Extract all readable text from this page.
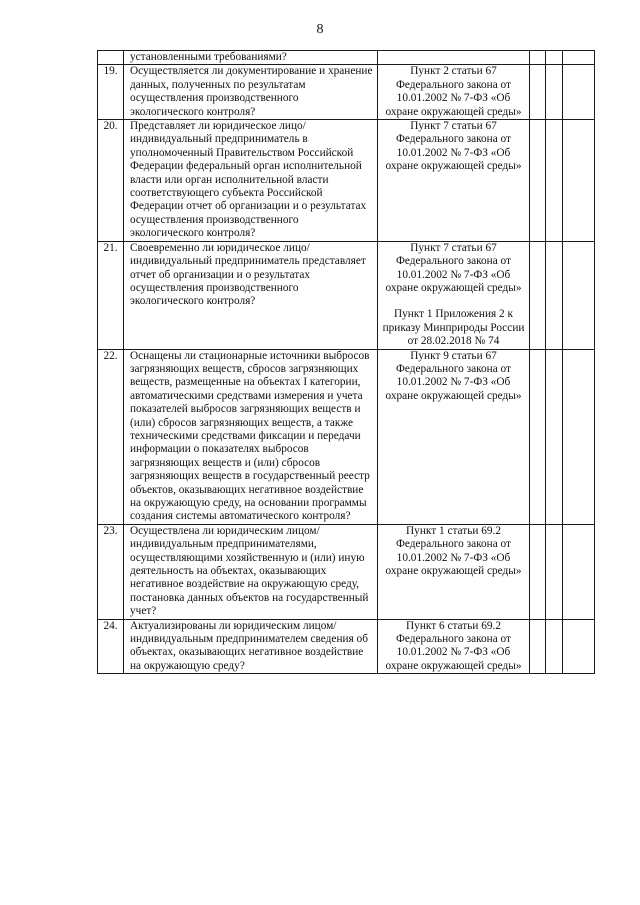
8
	установленными требованиями?				
19.	Осуществляется ли документирование и хранение данных, полученных по результатам осуществления производственного экологического контроля?	Пункт 2 статьи 67 Федерального закона от 10.01.2002 № 7-ФЗ «Об охране окружающей среды»			

20.	Представляет ли юридическое лицо/ индивидуальный предприниматель в уполномоченный Правительством Российской Федерации федеральный орган исполнительной власти или орган исполнительной власти соответствующего субъекта Российской Федерации отчет об организации и о результатах осуществления производственного экологического контроля?	Пункт 7 статьи 67 Федерального закона от 10.01.2002 № 7-ФЗ «Об охране окружающей среды»			

21.	Своевременно ли юридическое лицо/ индивидуальный предприниматель представляет отчет об организации и о результатах осуществления производственного экологического контроля?	Пункт 7 статьи 67 Федерального закона от 10.01.2002 № 7-ФЗ «Об охране окружающей среды»
Пункт 1 Приложения 2 к приказу Минприроды России от 28.02.2018 № 74			

22.	Оснащены ли стационарные источники выбросов загрязняющих веществ, сбросов загрязняющих веществ, размещенные на объектах I категории, автоматическими средствами измерения и учета показателей выбросов загрязняющих веществ и (или) сбросов загрязняющих веществ, а также техническими средствами фиксации и передачи информации о показателях выбросов загрязняющих веществ и (или) сбросов загрязняющих веществ в государственный реестр объектов, оказывающих негативное воздействие на окружающую среду, на основании программы создания системы автоматического контроля?	Пункт 9 статьи 67 Федерального закона от 10.01.2002 № 7-ФЗ «Об охране окружающей среды»			

23.	Осуществлена ли юридическим лицом/ индивидуальным предпринимателями, осуществляющими хозяйственную и (или) иную деятельность на объектах, оказывающих негативное воздействие на окружающую среду, постановка данных объектов на государственный учет?	Пункт 1 статьи 69.2 Федерального закона от 10.01.2002 № 7-ФЗ «Об охране окружающей среды»			

24.	Актуализированы ли юридическим лицом/индивидуальным предпринимателем сведения об объектах, оказывающих негативное воздействие на окружающую среду?	Пункт 6 статьи 69.2 Федерального закона от 10.01.2002 № 7-ФЗ «Об охране окружающей среды»			
